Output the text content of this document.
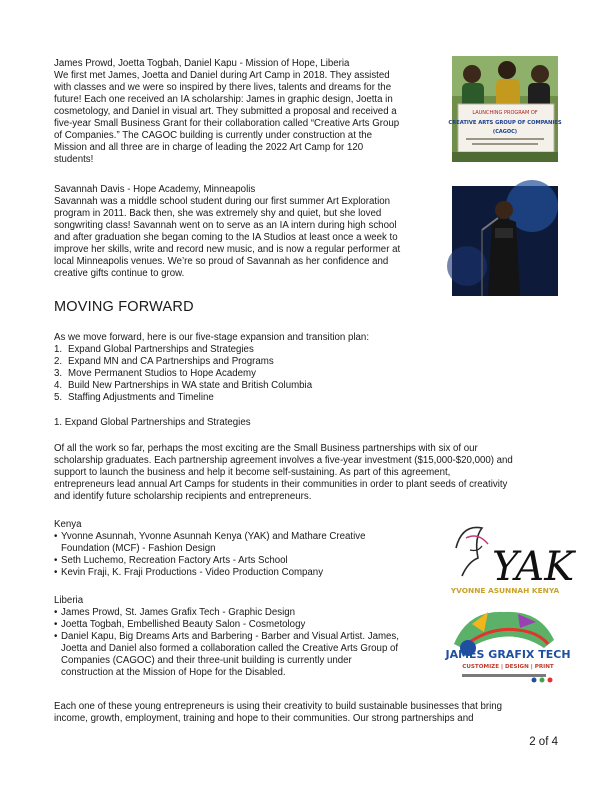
James Prowd, Joetta Togbah, Daniel Kapu - Mission of Hope, Liberia

We first met James, Joetta and Daniel during Art Camp in 2018. They assisted
with classes and we were so inspired by there lives, talents and dreams for the
future! Each one received an IA scholarship: James in graphic design, Joetta in
cosmetology, and Daniel in visual art. They submitted a proposal and received a
five-year Small Business Grant for their collaboration called “Creative Arts Group
of Companies.” The CAGOC building is currently under construction at the
Mission and all three are in charge of leading the 2022 Art Camp for 120
students!
LAUNCHING PROGRAM OF
CREATIVE ARTS GROUP OF COMPANIES
(CAGOC)

Savannah Davis - Hope Academy, Minneapolis

Savannah was a middle school student during our first summer Art Exploration
program in 2011. Back then, she was extremely shy and quiet, but she loved
songwriting class! Savannah went on to serve as an IA intern during high school
and after graduation she began coming to the IA Studios at least once a week to
improve her skills, write and record new music, and is now a regular performer at
local Minneapolis venues. We’re so proud of Savannah as her confidence and
creative gifts continue to grow.
MOVING FORWARD

As we move forward, here is our five-stage expansion and transition plan:

1. Expand Global Partnerships and Strategies
2. Expand MN and CA Partnerships and Programs
3. Move Permanent Studios to Hope Academy
4. Build New Partnerships in WA state and British Columbia
5. Staffing Adjustments and Timeline

1. Expand Global Partnerships and Strategies

Of all the work so far, perhaps the most exciting are the Small Business partnerships with six of our
scholarship graduates. Each partnership agreement involves a five-year investment ($15,000-$20,000) and
support to launch the business and help it become self-sustaining. As part of this agreement,
entrepreneurs lead annual Art Camps for students in their communities in order to plant seeds of creativity
and identify future scholarship recipients and entrepreneurs.

Kenya

• Yvonne Asunnah, Yvonne Asunnah Kenya (YAK) and Mathare Creative
Foundation (MCF) - Fashion Design
• Seth Luchemo, Recreation Factory Arts - Arts School
• Kevin Fraji, K. Fraji Productions - Video Production Company	YAK
YVONNE ASUNNAH KENYA

Liberia

• James Prowd, St. James Grafix Tech - Graphic Design
• Joetta Togbah, Embellished Beauty Salon - Cosmetology
• Daniel Kapu, Big Dreams Arts and Barbering - Barber and Visual Artist. James,
Joetta and Daniel also formed a collaboration called the Creative Arts Group of
Companies (CAGOC) and their three-unit building is currently under
construction at the Mission of Hope for the Disabled.
JAMES GRAFIX TECH
CUSTOMIZE | DESIGN | PRINT
Each one of these young entrepreneurs is using their creativity to build sustainable businesses that bring
income, growth, employment, training and hope to their communities. Our strong partnerships and

2 of 4
